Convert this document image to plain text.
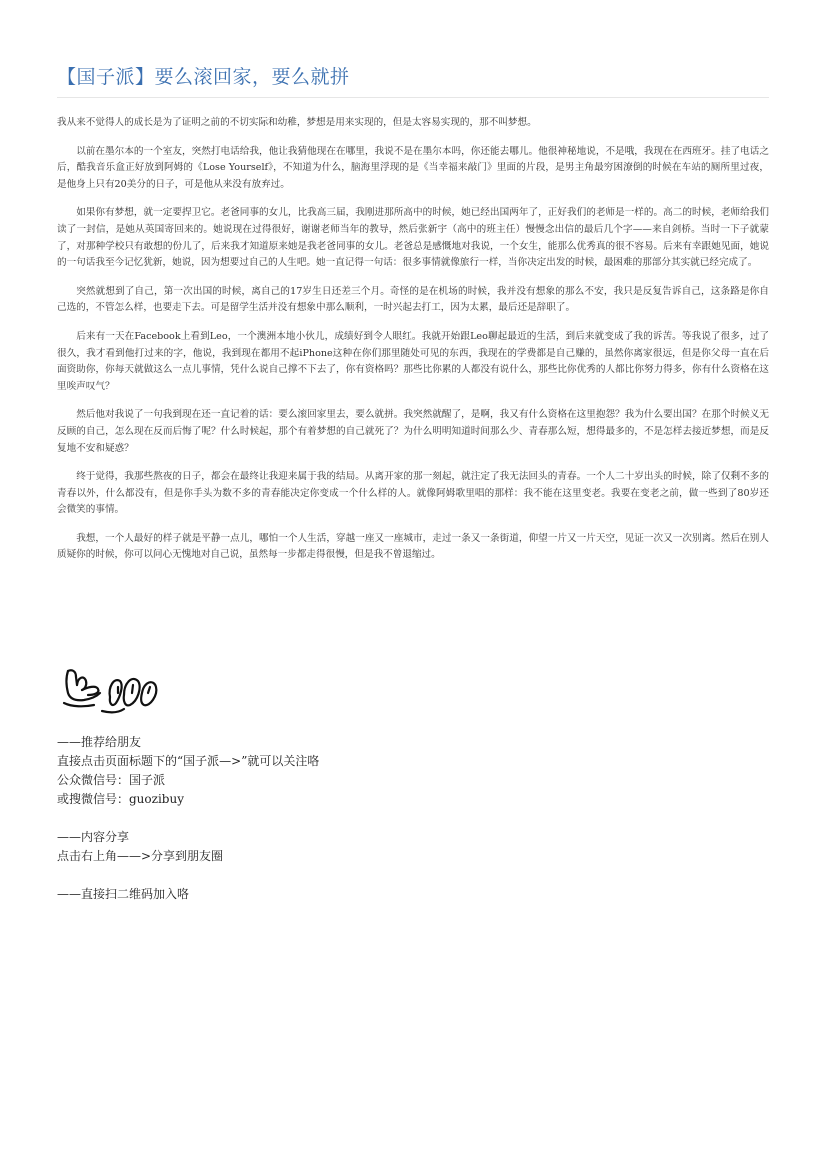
【国子派】要么滚回家，要么就拼

我从来不觉得人的成长是为了证明之前的不切实际和幼稚，梦想是用来实现的，但是太容易实现的，那不叫梦想。

以前在墨尔本的一个室友，突然打电话给我，他让我猜他现在在哪里，我说不是在墨尔本吗，你还能去哪儿。他很神秘地说，不是哦，我现在在西班牙。挂了电话之后，酷我音乐盒正好放到阿姆的《Lose Yourself》，不知道为什么，脑海里浮现的是《当幸福来敲门》里面的片段，是男主角最穷困潦倒的时候在车站的厕所里过夜，是他身上只有20美分的日子，可是他从来没有放弃过。

如果你有梦想，就一定要捍卫它。老爸同事的女儿，比我高三届，我刚进那所高中的时候，她已经出国两年了，正好我们的老师是一样的。高二的时候，老师给我们读了一封信，是她从英国寄回来的。她说现在过得很好，谢谢老师当年的教导，然后张新宇（高中的班主任）慢慢念出信的最后几个字——来自剑桥。当时一下子就蒙了，对那种学校只有敢想的份儿了，后来我才知道原来她是我老爸同事的女儿。老爸总是感慨地对我说，一个女生，能那么优秀真的很不容易。后来有幸跟她见面，她说的一句话我至今记忆犹新，她说，因为想要过自己的人生吧。她一直记得一句话：很多事情就像旅行一样，当你决定出发的时候，最困难的那部分其实就已经完成了。

突然就想到了自己，第一次出国的时候，离自己的17岁生日还差三个月。奇怪的是在机场的时候，我并没有想象的那么不安，我只是反复告诉自己，这条路是你自己选的，不管怎么样，也要走下去。可是留学生活并没有想象中那么顺利，一时兴起去打工，因为太累，最后还是辞职了。

后来有一天在Facebook上看到Leo，一个澳洲本地小伙儿，成绩好到令人眼红。我就开始跟Leo聊起最近的生活，到后来就变成了我的诉苦。等我说了很多，过了很久，我才看到他打过来的字，他说，我到现在都用不起iPhone这种在你们那里随处可见的东西，我现在的学费都是自己赚的，虽然你离家很远，但是你父母一直在后面资助你，你每天就做这么一点儿事情，凭什么说自己撑不下去了，你有资格吗？那些比你累的人都没有说什么，那些比你优秀的人都比你努力得多，你有什么资格在这里唉声叹气？

然后他对我说了一句我到现在还一直记着的话：要么滚回家里去，要么就拼。我突然就醒了，是啊，我又有什么资格在这里抱怨？我为什么要出国？在那个时候义无反顾的自己，怎么现在反而后悔了呢？什么时候起，那个有着梦想的自己就死了？为什么明明知道时间那么少、青春那么短，想得最多的，不是怎样去接近梦想，而是反复地不安和疑惑？

终于觉得，我那些熬夜的日子，都会在最终让我迎来属于我的结局。从离开家的那一刻起，就注定了我无法回头的青春。一个人二十岁出头的时候，除了仅剩不多的青春以外，什么都没有，但是你手头为数不多的青春能决定你变成一个什么样的人。就像阿姆歌里唱的那样：我不能在这里变老。我要在变老之前，做一些到了80岁还会微笑的事情。

我想，一个人最好的样子就是平静一点儿，哪怕一个人生活，穿越一座又一座城市，走过一条又一条街道，仰望一片又一片天空，见证一次又一次别离。然后在别人质疑你的时候，你可以问心无愧地对自己说，虽然每一步都走得很慢，但是我不曾退缩过。

——推荐给朋友
直接点击页面标题下的“国子派—>”就可以关注咯
公众微信号：国子派
或搜微信号：guozibuy
——内容分享
点击右上角——>分享到朋友圈
——直接扫二维码加入咯
